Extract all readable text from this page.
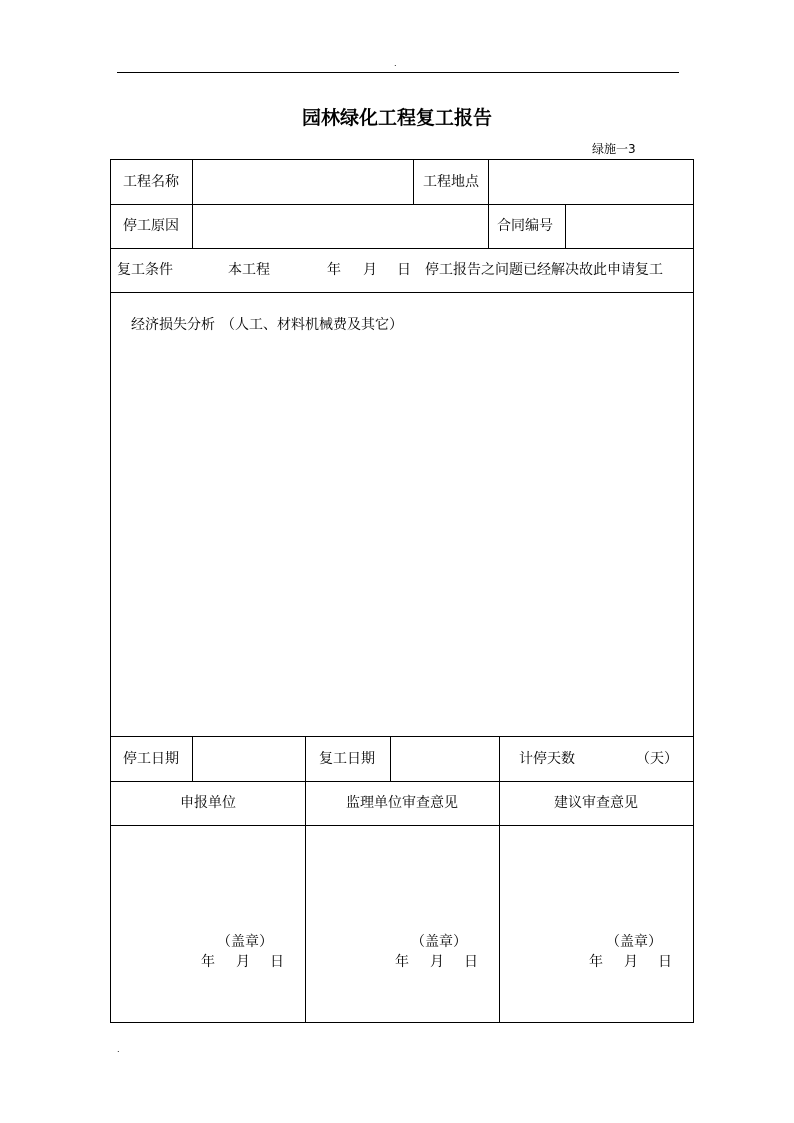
.
园林绿化工程复工报告
绿施一3
工程名称	工程地点
停工原因	合同编号
复工条件	本工程	年 月 日 停工报告之问题已经解决故此申请复工
经济损失分析 （人工、材料机械费及其它）
停工日期	复工日期	计停天数	（天）
申报单位	监理单位审查意见	建议审查意见
（盖章）
年 月 日
（盖章）
年 月 日
（盖章）
年 月 日
.
